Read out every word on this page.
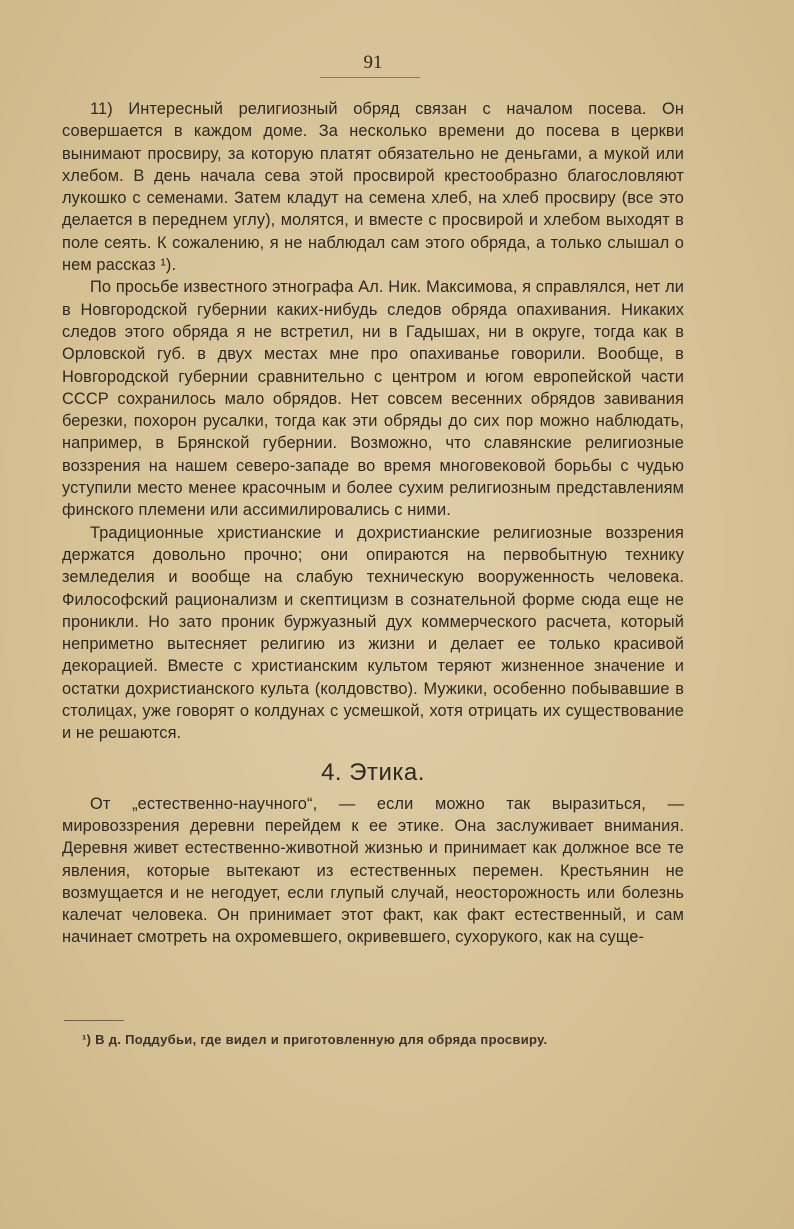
91

11) Интересный религиозный обряд связан с началом посева. Он совершается в каждом доме. За несколько времени до посева в церкви вынимают просвиру, за которую платят обязательно не деньгами, а мукой или хлебом. В день начала сева этой просвирой крестообразно благословляют лукошко с семенами. Затем кладут на семена хлеб, на хлеб просвиру (все это делается в переднем углу), молятся, и вместе с просвирой и хлебом выходят в поле сеять. К сожалению, я не наблюдал сам этого обряда, а только слышал о нем рассказ ¹).

По просьбе известного этнографа Ал. Ник. Максимова, я справлялся, нет ли в Новгородской губернии каких-нибудь следов обряда опахивания. Никаких следов этого обряда я не встретил, ни в Гадышах, ни в округе, тогда как в Орловской губ. в двух местах мне про опахиванье говорили. Вообще, в Новгородской губернии сравнительно с центром и югом европейской части СССР сохранилось мало обрядов. Нет совсем весенних обрядов завивания березки, похорон русалки, тогда как эти обряды до сих пор можно наблюдать, например, в Брянской губернии. Возможно, что славянские религиозные воззрения на нашем северо-западе во время многовековой борьбы с чудью уступили место менее красочным и более сухим религиозным представлениям финского племени или ассимилировались с ними.

Традиционные христианские и дохристианские религиозные воззрения держатся довольно прочно; они опираются на первобытную технику земледелия и вообще на слабую техническую вооруженность человека. Философский рационализм и скептицизм в сознательной форме сюда еще не проникли. Но зато проник буржуазный дух коммерческого расчета, который неприметно вытесняет религию из жизни и делает ее только красивой декорацией. Вместе с христианским культом теряют жизненное значение и остатки дохристианского культа (колдовство). Мужики, особенно побывавшие в столицах, уже говорят о колдунах с усмешкой, хотя отрицать их существование и не решаются.

4. Этика.

От „естественно-научного“, — если можно так выразиться, — мировоззрения деревни перейдем к ее этике. Она заслуживает внимания. Деревня живет естественно-животной жизнью и принимает как должное все те явления, которые вытекают из естественных перемен. Крестьянин не возмущается и не негодует, если глупый случай, неосторожность или болезнь калечат человека. Он принимает этот факт, как факт естественный, и сам начинает смотреть на охромевшего, окривевшего, сухорукого, как на суще-

¹) В д. Поддубьи, где видел и приготовленную для обряда просвиру.
